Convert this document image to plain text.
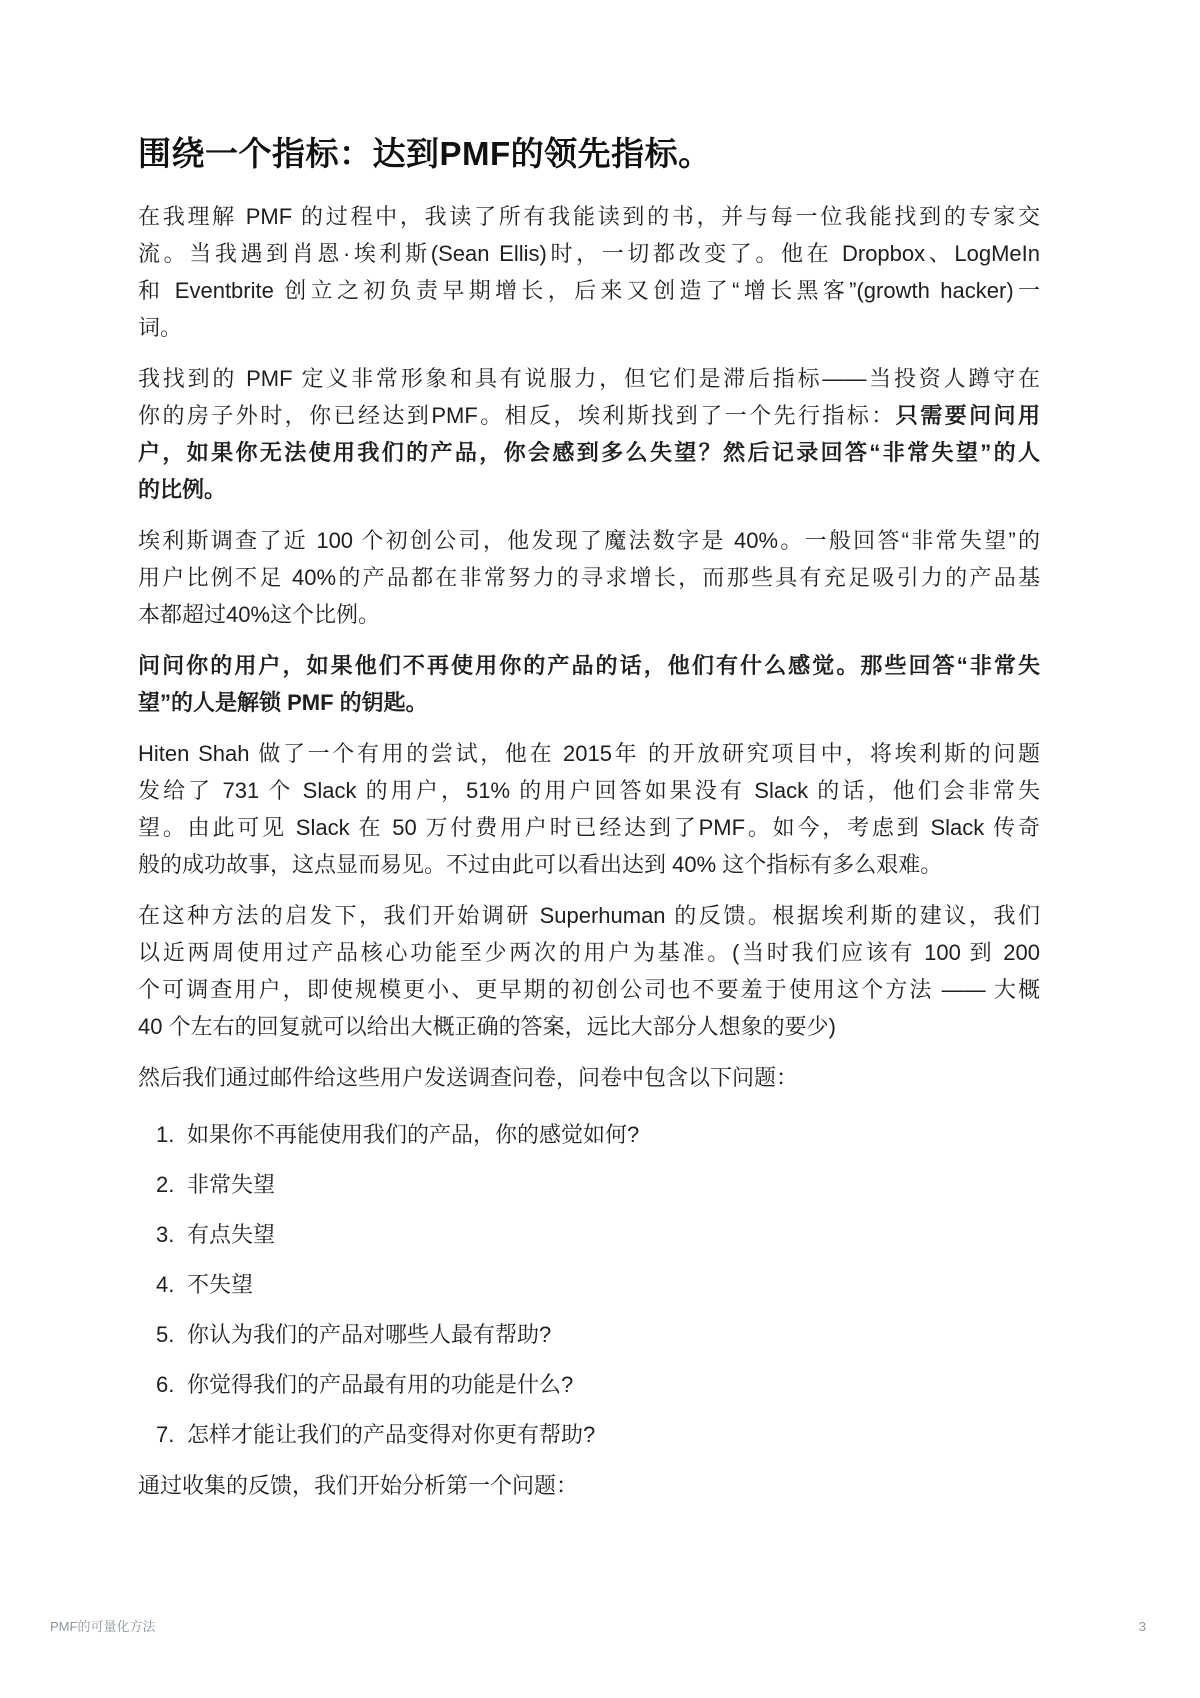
围绕一个指标：达到PMF的领先指标。

在我理解 PMF 的过程中，我读了所有我能读到的书，并与每一位我能找到的专家交
流。当我遇到肖恩·埃利斯(Sean Ellis)时，一切都改变了。他在 Dropbox、LogMeIn
和 Eventbrite 创立之初负责早期增长，后来又创造了“增长黑客”(growth hacker)一
词。

我找到的 PMF 定义非常形象和具有说服力，但它们是滞后指标——当投资人蹲守在
你的房子外时，你已经达到PMF。相反，埃利斯找到了一个先行指标：只需要问问用
户，如果你无法使用我们的产品，你会感到多么失望？然后记录回答“非常失望”的人
的比例。

埃利斯调查了近 100 个初创公司，他发现了魔法数字是 40%。一般回答“非常失望”的
用户比例不足 40%的产品都在非常努力的寻求增长，而那些具有充足吸引力的产品基
本都超过40%这个比例。

问问你的用户，如果他们不再使用你的产品的话，他们有什么感觉。那些回答“非常失
望”的人是解锁 PMF 的钥匙。

Hiten Shah 做了一个有用的尝试，他在 2015年 的开放研究项目中，将埃利斯的问题
发给了 731 个 Slack 的用户，51% 的用户回答如果没有 Slack 的话，他们会非常失
望。由此可见 Slack 在 50 万付费用户时已经达到了PMF。如今，考虑到 Slack 传奇
般的成功故事，这点显而易见。不过由此可以看出达到 40% 这个指标有多么艰难。

在这种方法的启发下，我们开始调研 Superhuman 的反馈。根据埃利斯的建议，我们
以近两周使用过产品核心功能至少两次的用户为基准。(当时我们应该有 100 到 200
个可调查用户，即使规模更小、更早期的初创公司也不要羞于使用这个方法 —— 大概
40 个左右的回复就可以给出大概正确的答案，远比大部分人想象的要少)

然后我们通过邮件给这些用户发送调查问卷，问卷中包含以下问题：

1. 如果你不再能使用我们的产品，你的感觉如何?
2. 非常失望
3. 有点失望
4. 不失望
5. 你认为我们的产品对哪些人最有帮助?
6. 你觉得我们的产品最有用的功能是什么?
7. 怎样才能让我们的产品变得对你更有帮助?

通过收集的反馈，我们开始分析第一个问题：

PMF的可量化方法	3
